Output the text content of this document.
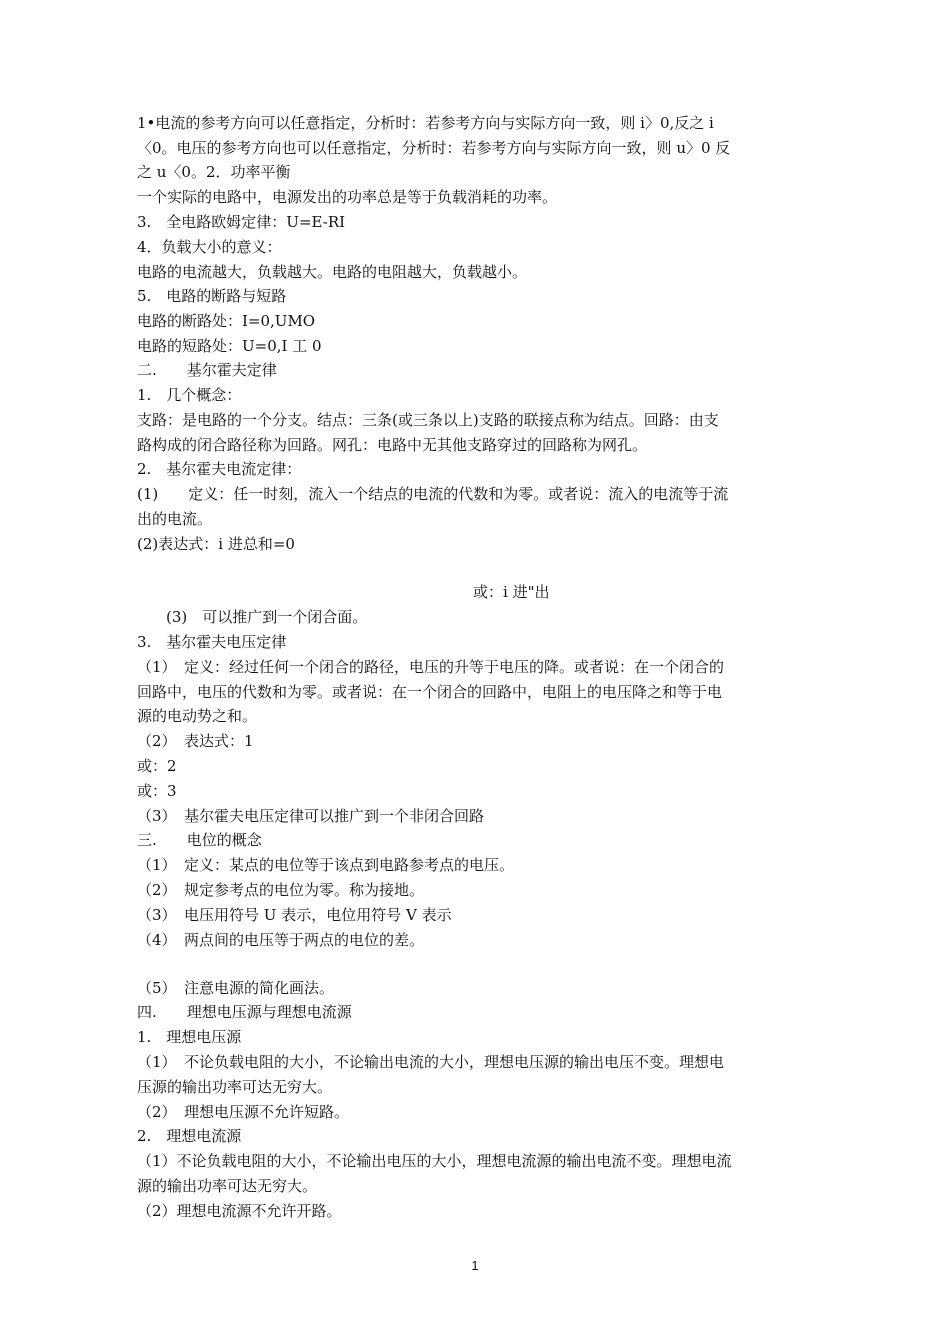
1•电流的参考方向可以任意指定，分析时：若参考方向与实际方向一致，则 i〉0,反之 i
〈0。电压的参考方向也可以任意指定，分析时：若参考方向与实际方向一致，则 u〉0 反
之 u〈0。2．功率平衡
一个实际的电路中，电源发出的功率总是等于负载消耗的功率。
3.　全电路欧姆定律：U=E-RI
4．负载大小的意义：
电路的电流越大，负载越大。电路的电阻越大，负载越小。
5.　电路的断路与短路
电路的断路处：I=0,UМО
电路的短路处：U=0,I 工 0
二.　　基尔霍夫定律
1.　几个概念：
支路：是电路的一个分支。结点：三条(或三条以上)支路的联接点称为结点。回路：由支
路构成的闭合路径称为回路。网孔：电路中无其他支路穿过的回路称为网孔。
2.　基尔霍夫电流定律：
(1)　　定义：任一时刻，流入一个结点的电流的代数和为零。或者说：流入的电流等于流
出的电流。
(2)表达式：i 进总和=0
或：i 进"出
(3)　可以推广到一个闭合面。
3.　基尔霍夫电压定律
（1）　定义：经过任何一个闭合的路径，电压的升等于电压的降。或者说：在一个闭合的
回路中，电压的代数和为零。或者说：在一个闭合的回路中，电阻上的电压降之和等于电
源的电动势之和。
（2）　表达式：1
或：2
或：3
（3）　基尔霍夫电压定律可以推广到一个非闭合回路
三.　　电位的概念
（1）　定义：某点的电位等于该点到电路参考点的电压。
（2）　规定参考点的电位为零。称为接地。
（3）　电压用符号 U 表示，电位用符号 V 表示
（4）　两点间的电压等于两点的电位的差。
（5）　注意电源的简化画法。
四.　　理想电压源与理想电流源
1.　理想电压源
（1）　不论负载电阻的大小，不论输出电流的大小，理想电压源的输出电压不变。理想电
压源的输出功率可达无穷大。
（2）　理想电压源不允许短路。
2.　理想电流源
（1）不论负载电阻的大小，不论输出电压的大小，理想电流源的输出电流不变。理想电流
源的输出功率可达无穷大。
（2）理想电流源不允许开路。
1
